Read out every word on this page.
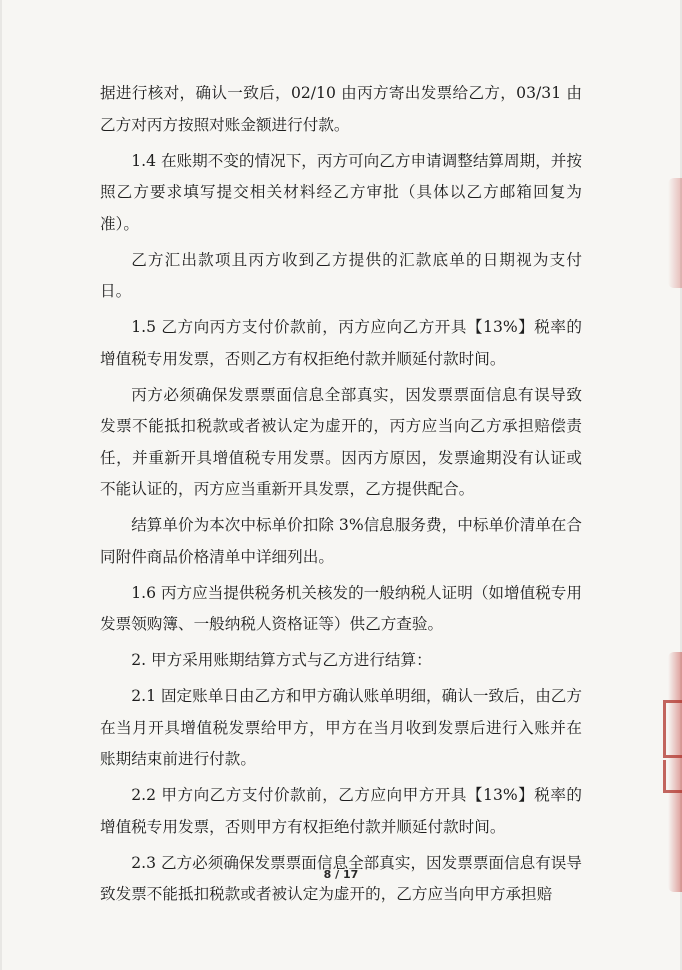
据进行核对，确认一致后，02/10 由丙方寄出发票给乙方，03/31 由乙方对丙方按照对账金额进行付款。

1.4 在账期不变的情况下，丙方可向乙方申请调整结算周期，并按照乙方要求填写提交相关材料经乙方审批（具体以乙方邮箱回复为准）。

乙方汇出款项且丙方收到乙方提供的汇款底单的日期视为支付日。

1.5 乙方向丙方支付价款前，丙方应向乙方开具【13%】税率的增值税专用发票，否则乙方有权拒绝付款并顺延付款时间。

丙方必须确保发票票面信息全部真实，因发票票面信息有误导致发票不能抵扣税款或者被认定为虚开的，丙方应当向乙方承担赔偿责任，并重新开具增值税专用发票。因丙方原因，发票逾期没有认证或不能认证的，丙方应当重新开具发票，乙方提供配合。

结算单价为本次中标单价扣除 3%信息服务费，中标单价清单在合同附件商品价格清单中详细列出。

1.6 丙方应当提供税务机关核发的一般纳税人证明（如增值税专用发票领购簿、一般纳税人资格证等）供乙方查验。

2. 甲方采用账期结算方式与乙方进行结算：

2.1 固定账单日由乙方和甲方确认账单明细，确认一致后，由乙方在当月开具增值税发票给甲方，甲方在当月收到发票后进行入账并在账期结束前进行付款。

2.2 甲方向乙方支付价款前，乙方应向甲方开具【13%】税率的增值税专用发票，否则甲方有权拒绝付款并顺延付款时间。

2.3 乙方必须确保发票票面信息全部真实，因发票票面信息有误导致发票不能抵扣税款或者被认定为虚开的，乙方应当向甲方承担赔

8 / 17
